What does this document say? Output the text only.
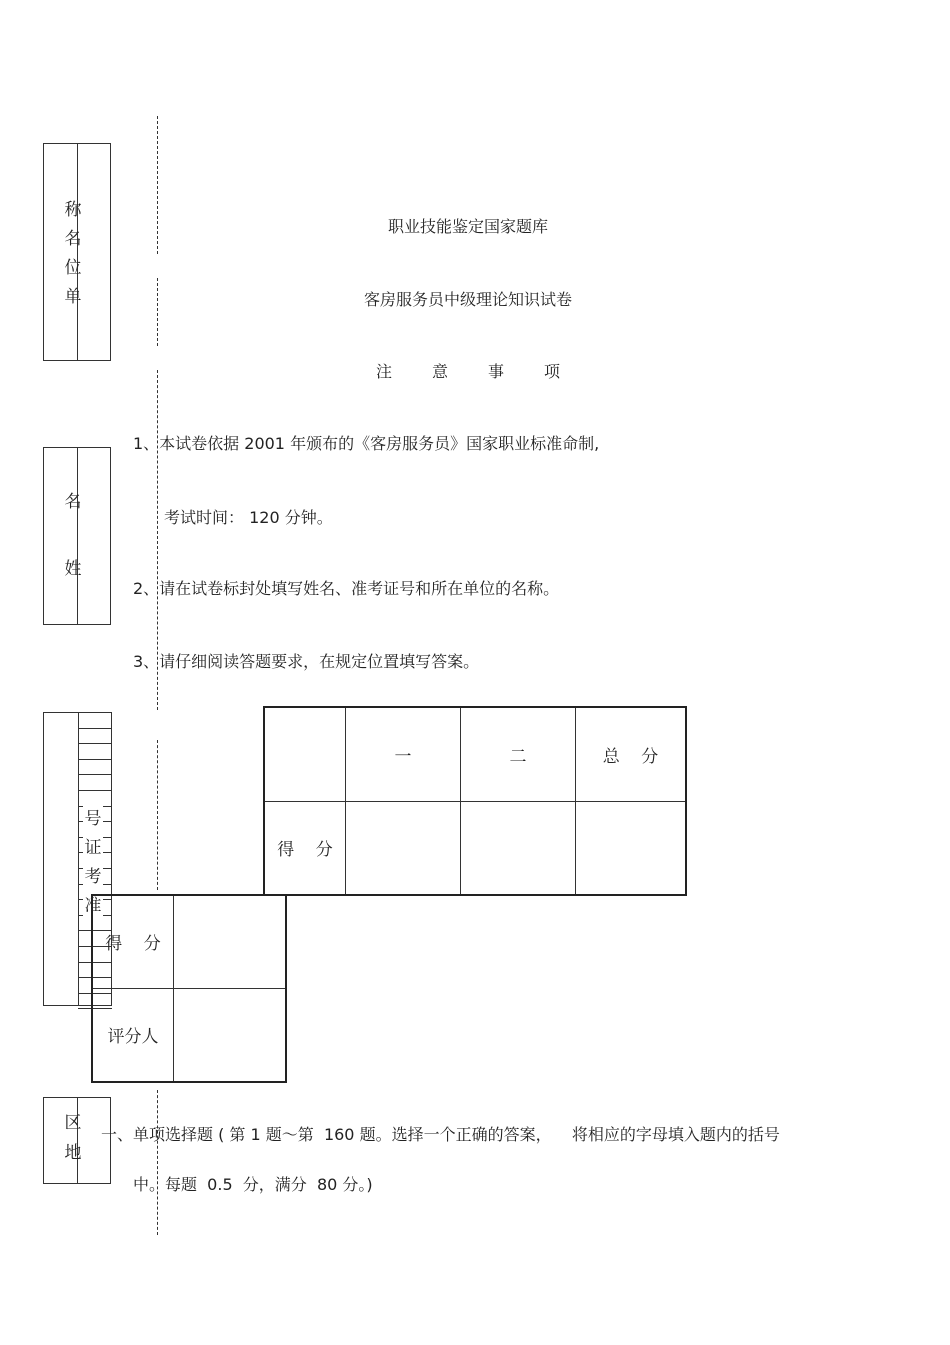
称
名
位
单
名
姓
号
证
考
准
区
地
职业技能鉴定国家题库
客房服务员中级理论知识试卷
注	意	事	项
1、本试卷依据 2001 年颁布的《客房服务员》国家职业标准命制,
考试时间： 120 分钟。
2、请在试卷标封处填写姓名、准考证号和所在单位的名称。
3、请仔细阅读答题要求，在规定位置填写答案。
	一	二	总    分
得    分			
得    分	
评分人	
一、单项选择题 ( 第 1 题～第  160 题。选择一个正确的答案，    将相应的字母填入题内的括号
中。每题  0.5  分，满分  80 分。)
